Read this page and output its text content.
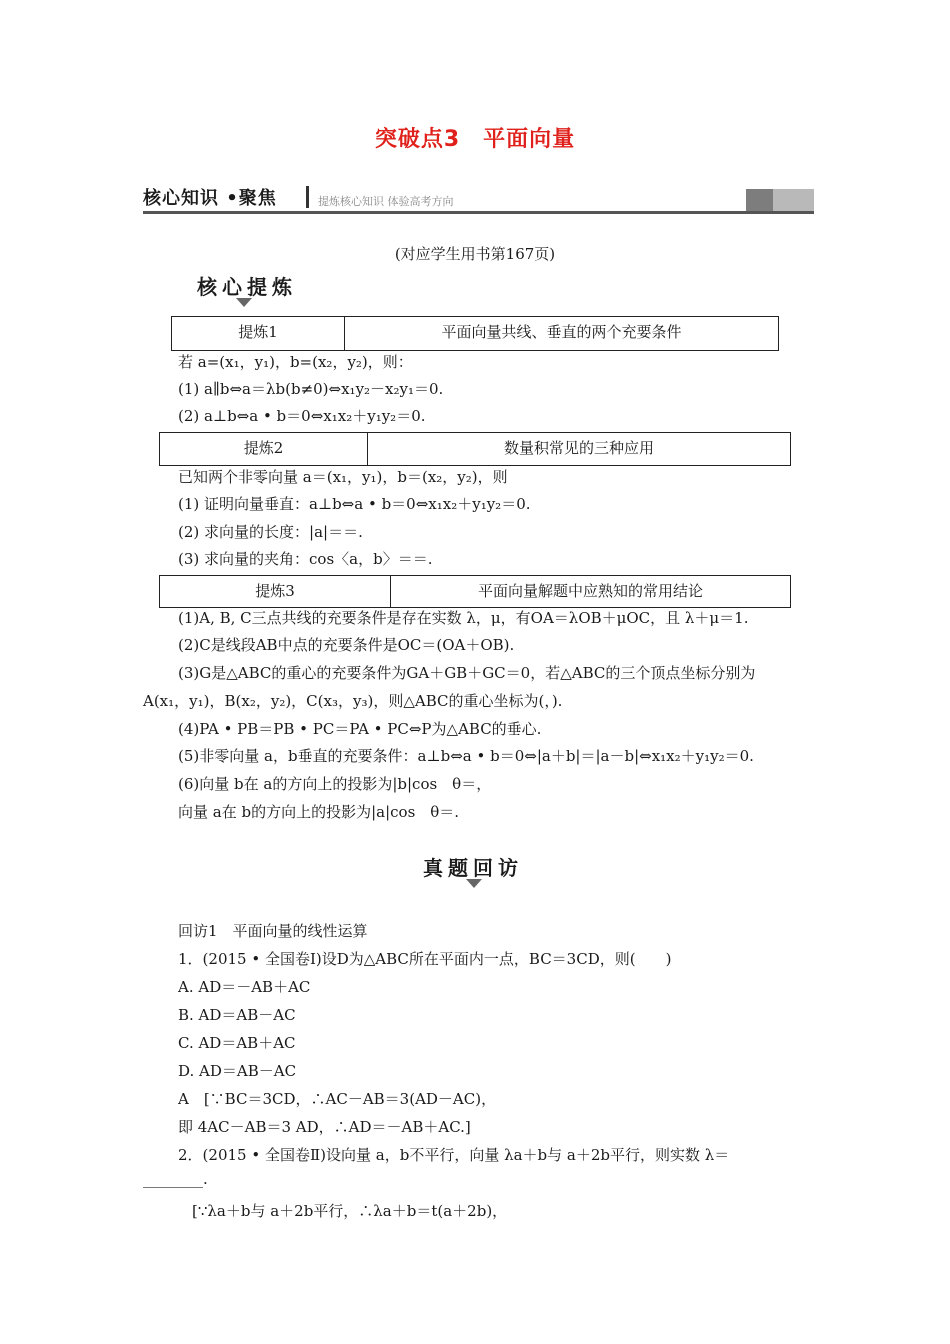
突破点3　平面向量
核心知识 •聚焦	提炼核心知识 体验高考方向
(对应学生用书第167页)
核心提炼
提炼1	平面向量共线、垂直的两个充要条件
若 a=(x₁，y₁)，b=(x₂，y₂)，则：
(1) a∥b⇔a＝λb(b≠0)⇔x₁y₂－x₂y₁＝0.
(2) a⊥b⇔a • b＝0⇔x₁x₂＋y₁y₂＝0.
提炼2	数量积常见的三种应用
已知两个非零向量 a＝(x₁，y₁)，b＝(x₂，y₂)，则
(1) 证明向量垂直：a⊥b⇔a • b＝0⇔x₁x₂＋y₁y₂＝0.
(2) 求向量的长度：|a|＝＝.
(3) 求向量的夹角：cos〈a，b〉＝＝.
提炼3	平面向量解题中应熟知的常用结论
(1)A, B, C三点共线的充要条件是存在实数 λ，μ，有OA＝λOB＋μOC，且 λ＋μ＝1.
(2)C是线段AB中点的充要条件是OC＝(OA＋OB).
(3)G是△ABC的重心的充要条件为GA＋GB＋GC＝0，若△ABC的三个顶点坐标分别为
A(x₁，y₁)，B(x₂，y₂)，C(x₃，y₃)，则△ABC的重心坐标为(，).
(4)PA • PB＝PB • PC＝PA • PC⇔P为△ABC的垂心.
(5)非零向量 a，b垂直的充要条件：a⊥b⇔a • b＝0⇔|a＋b|＝|a－b|⇔x₁x₂＋y₁y₂＝0.
(6)向量 b在 a的方向上的投影为|b|cos　θ＝，
向量 a在 b的方向上的投影为|a|cos　θ＝.
真题回访
回访1　平面向量的线性运算
1．(2015 • 全国卷Ⅰ)设D为△ABC所在平面内一点，BC＝3CD，则(　　)
A. AD＝－AB＋AC
B. AD＝AB－AC
C. AD＝AB＋AC
D. AD＝AB－AC
A　[∵BC＝3CD，∴AC－AB＝3(AD－AC)，
即 4AC－AB＝3 AD，∴AD＝－AB＋AC.]
2．(2015 • 全国卷Ⅱ)设向量 a，b不平行，向量 λa＋b与 a＋2b平行，则实数 λ＝
________.
[∵λa＋b与 a＋2b平行，∴λa＋b＝t(a＋2b)，
